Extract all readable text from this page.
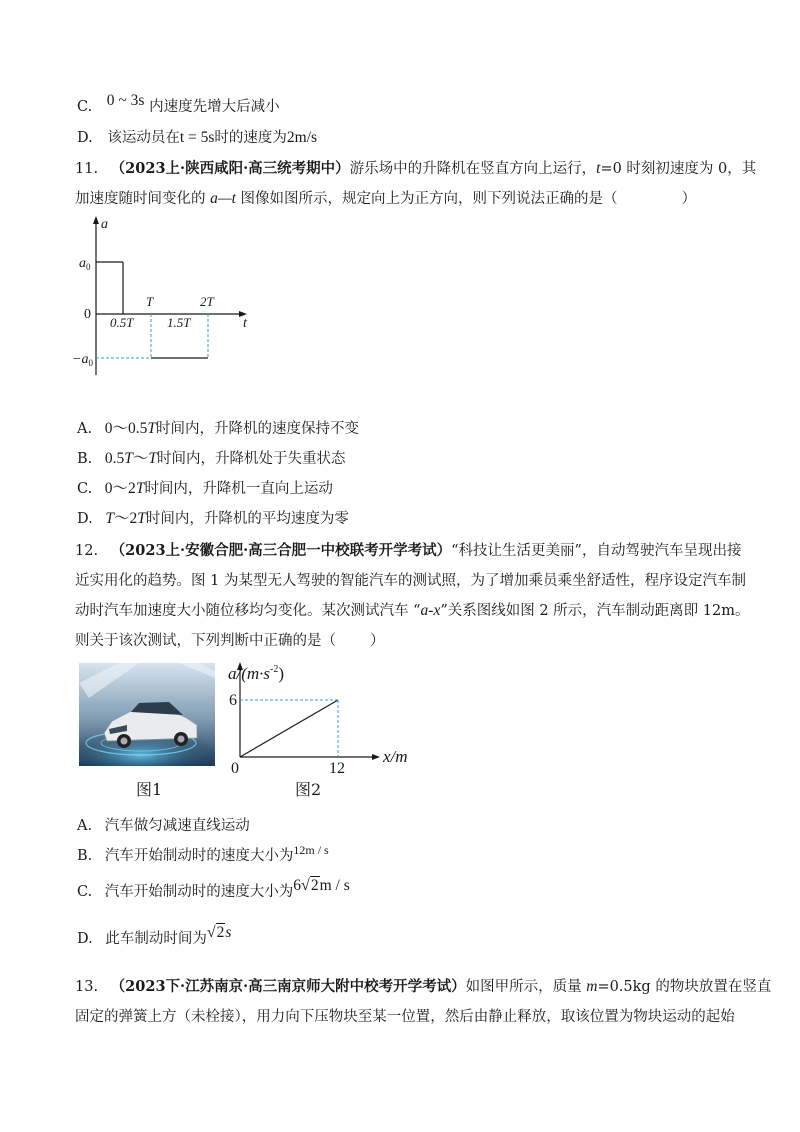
C. 0 ~ 3s 内速度先增大后减小
D. 该运动员在t = 5s时的速度为2m/s
11. （2023上·陕西咸阳·高三统考期中）游乐场中的升降机在竖直方向上运行，t=0 时刻初速度为 0，其
加速度随时间变化的 a—t 图像如图所示，规定向上为正方向，则下列说法正确的是（	）
a
t
0
$a_0$
$-a_0$
0.5T
T
1.5T
2T
A. 0～0.5T时间内，升降机的速度保持不变
B. 0.5T～T时间内，升降机处于失重状态
C. 0～2T时间内，升降机一直向上运动
D. T～2T时间内，升降机的平均速度为零
12. （2023上·安徽合肥·高三合肥一中校联考开学考试）“科技让生活更美丽”，自动驾驶汽车呈现出接
近实用化的趋势。图 1 为某型无人驾驶的智能汽车的测试照，为了增加乘员乘坐舒适性，程序设定汽车制
动时汽车加速度大小随位移均匀变化。某次测试汽车 “a-x”关系图线如图 2 所示，汽车制动距离即 12m。
则关于该次测试，下列判断中正确的是（ ）
图1
$a/(m\cdot s^{-2})$
x/m
6
0	12
图2
A. 汽车做匀减速直线运动
B. 汽车开始制动时的速度大小为$^{12m / s}$
C. 汽车开始制动时的速度大小为6√2m / s
D. 此车制动时间为√2s
13. （2023下·江苏南京·高三南京师大附中校考开学考试）如图甲所示，质量 m=0.5kg 的物块放置在竖直
固定的弹簧上方（未栓接），用力向下压物块至某一位置，然后由静止释放，取该位置为物块运动的起始
